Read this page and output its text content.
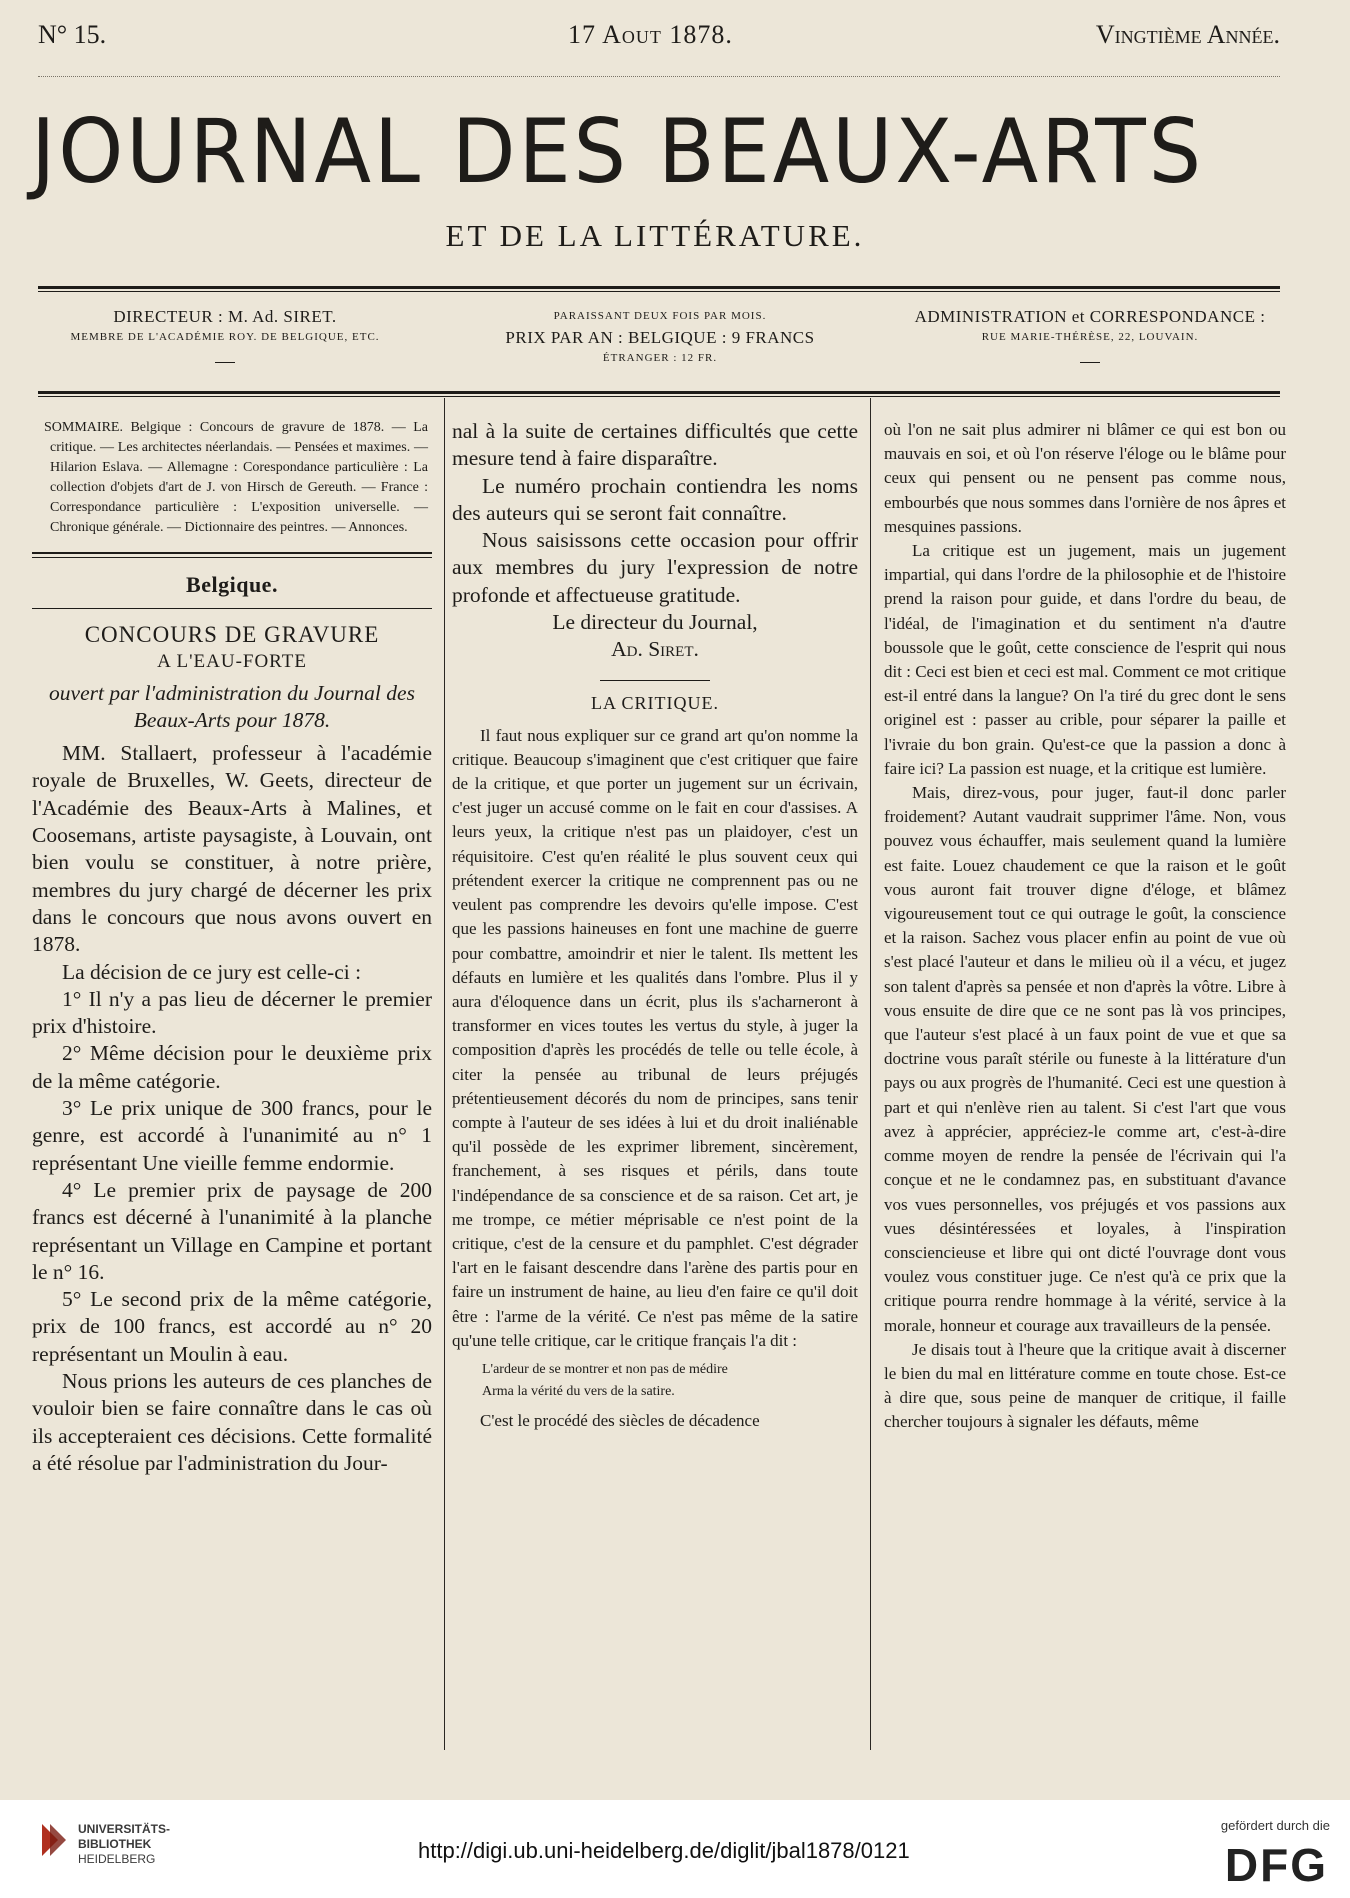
N° 15.	17 Aout 1878.	Vingtième Année.
JOURNAL DES BEAUX-ARTS
ET DE LA LITTÉRATURE.
DIRECTEUR : M. Ad. SIRET.
MEMBRE DE L'ACADÉMIE ROY. DE BELGIQUE, ETC.
PARAISSANT DEUX FOIS PAR MOIS.
PRIX PAR AN : BELGIQUE : 9 FRANCS
ÉTRANGER : 12 FR.
ADMINISTRATION et CORRESPONDANCE :
RUE MARIE-THÉRÈSE, 22, LOUVAIN.

SOMMAIRE. Belgique : Concours de gravure de 1878. — La critique. — Les architectes néerlandais. — Pensées et maximes. — Hilarion Eslava. — Allemagne : Corespondance particulière : La collection d'objets d'art de J. von Hirsch de Gereuth. — France : Correspondance particulière : L'exposition universelle. — Chronique générale. — Dictionnaire des peintres. — Annonces.

Belgique.

CONCOURS DE GRAVURE

A L'EAU-FORTE

ouvert par l'administration du Journal des Beaux-Arts pour 1878.

MM. Stallaert, professeur à l'académie royale de Bruxelles, W. Geets, directeur de l'Académie des Beaux-Arts à Malines, et Coosemans, artiste paysagiste, à Louvain, ont bien voulu se constituer, à notre prière, membres du jury chargé de décerner les prix dans le concours que nous avons ouvert en 1878.

La décision de ce jury est celle-ci :

1° Il n'y a pas lieu de décerner le premier prix d'histoire.

2° Même décision pour le deuxième prix de la même catégorie.

3° Le prix unique de 300 francs, pour le genre, est accordé à l'unanimité au n° 1 représentant Une vieille femme endormie.

4° Le premier prix de paysage de 200 francs est décerné à l'unanimité à la planche représentant un Village en Campine et portant le n° 16.

5° Le second prix de la même catégorie, prix de 100 francs, est accordé au n° 20 représentant un Moulin à eau.

Nous prions les auteurs de ces planches de vouloir bien se faire connaître dans le cas où ils accepteraient ces décisions. Cette formalité a été résolue par l'administration du Jour-

nal à la suite de certaines difficultés que cette mesure tend à faire disparaître.

Le numéro prochain contiendra les noms des auteurs qui se seront fait connaître.

Nous saisissons cette occasion pour offrir aux membres du jury l'expression de notre profonde et affectueuse gratitude.

Le directeur du Journal,

Ad. Siret.

LA CRITIQUE.

Il faut nous expliquer sur ce grand art qu'on nomme la critique. Beaucoup s'imaginent que c'est critiquer que faire de la critique, et que porter un jugement sur un écrivain, c'est juger un accusé comme on le fait en cour d'assises. A leurs yeux, la critique n'est pas un plaidoyer, c'est un réquisitoire. C'est qu'en réalité le plus souvent ceux qui prétendent exercer la critique ne comprennent pas ou ne veulent pas comprendre les devoirs qu'elle impose. C'est que les passions haineuses en font une machine de guerre pour combattre, amoindrir et nier le talent. Ils mettent les défauts en lumière et les qualités dans l'ombre. Plus il y aura d'éloquence dans un écrit, plus ils s'acharneront à transformer en vices toutes les vertus du style, à juger la composition d'après les procédés de telle ou telle école, à citer la pensée au tribunal de leurs préjugés prétentieusement décorés du nom de principes, sans tenir compte à l'auteur de ses idées à lui et du droit inaliénable qu'il possède de les exprimer librement, sincèrement, franchement, à ses risques et périls, dans toute l'indépendance de sa conscience et de sa raison. Cet art, je me trompe, ce métier méprisable ce n'est point de la critique, c'est de la censure et du pamphlet. C'est dégrader l'art en le faisant descendre dans l'arène des partis pour en faire un instrument de haine, au lieu d'en faire ce qu'il doit être : l'arme de la vérité. Ce n'est pas même de la satire qu'une telle critique, car le critique français l'a dit :

L'ardeur de se montrer et non pas de médire
Arma la vérité du vers de la satire.

C'est le procédé des siècles de décadence

où l'on ne sait plus admirer ni blâmer ce qui est bon ou mauvais en soi, et où l'on réserve l'éloge ou le blâme pour ceux qui pensent ou ne pensent pas comme nous, embourbés que nous sommes dans l'ornière de nos âpres et mesquines passions.

La critique est un jugement, mais un jugement impartial, qui dans l'ordre de la philosophie et de l'histoire prend la raison pour guide, et dans l'ordre du beau, de l'idéal, de l'imagination et du sentiment n'a d'autre boussole que le goût, cette conscience de l'esprit qui nous dit : Ceci est bien et ceci est mal. Comment ce mot critique est-il entré dans la langue? On l'a tiré du grec dont le sens originel est : passer au crible, pour séparer la paille et l'ivraie du bon grain. Qu'est-ce que la passion a donc à faire ici? La passion est nuage, et la critique est lumière.

Mais, direz-vous, pour juger, faut-il donc parler froidement? Autant vaudrait supprimer l'âme. Non, vous pouvez vous échauffer, mais seulement quand la lumière est faite. Louez chaudement ce que la raison et le goût vous auront fait trouver digne d'éloge, et blâmez vigoureusement tout ce qui outrage le goût, la conscience et la raison. Sachez vous placer enfin au point de vue où s'est placé l'auteur et dans le milieu où il a vécu, et jugez son talent d'après sa pensée et non d'après la vôtre. Libre à vous ensuite de dire que ce ne sont pas là vos principes, que l'auteur s'est placé à un faux point de vue et que sa doctrine vous paraît stérile ou funeste à la littérature d'un pays ou aux progrès de l'humanité. Ceci est une question à part et qui n'enlève rien au talent. Si c'est l'art que vous avez à apprécier, appréciez-le comme art, c'est-à-dire comme moyen de rendre la pensée de l'écrivain qui l'a conçue et ne le condamnez pas, en substituant d'avance vos vues personnelles, vos préjugés et vos passions aux vues désintéressées et loyales, à l'inspiration consciencieuse et libre qui ont dicté l'ouvrage dont vous voulez vous constituer juge. Ce n'est qu'à ce prix que la critique pourra rendre hommage à la vérité, service à la morale, honneur et courage aux travailleurs de la pensée.

Je disais tout à l'heure que la critique avait à discerner le bien du mal en littérature comme en toute chose. Est-ce à dire que, sous peine de manquer de critique, il faille chercher toujours à signaler les défauts, même

UNIVERSITÄTS-
BIBLIOTHEK
HEIDELBERG	http://digi.ub.uni-heidelberg.de/diglit/jbal1878/0121
gefördert durch die
DFG
